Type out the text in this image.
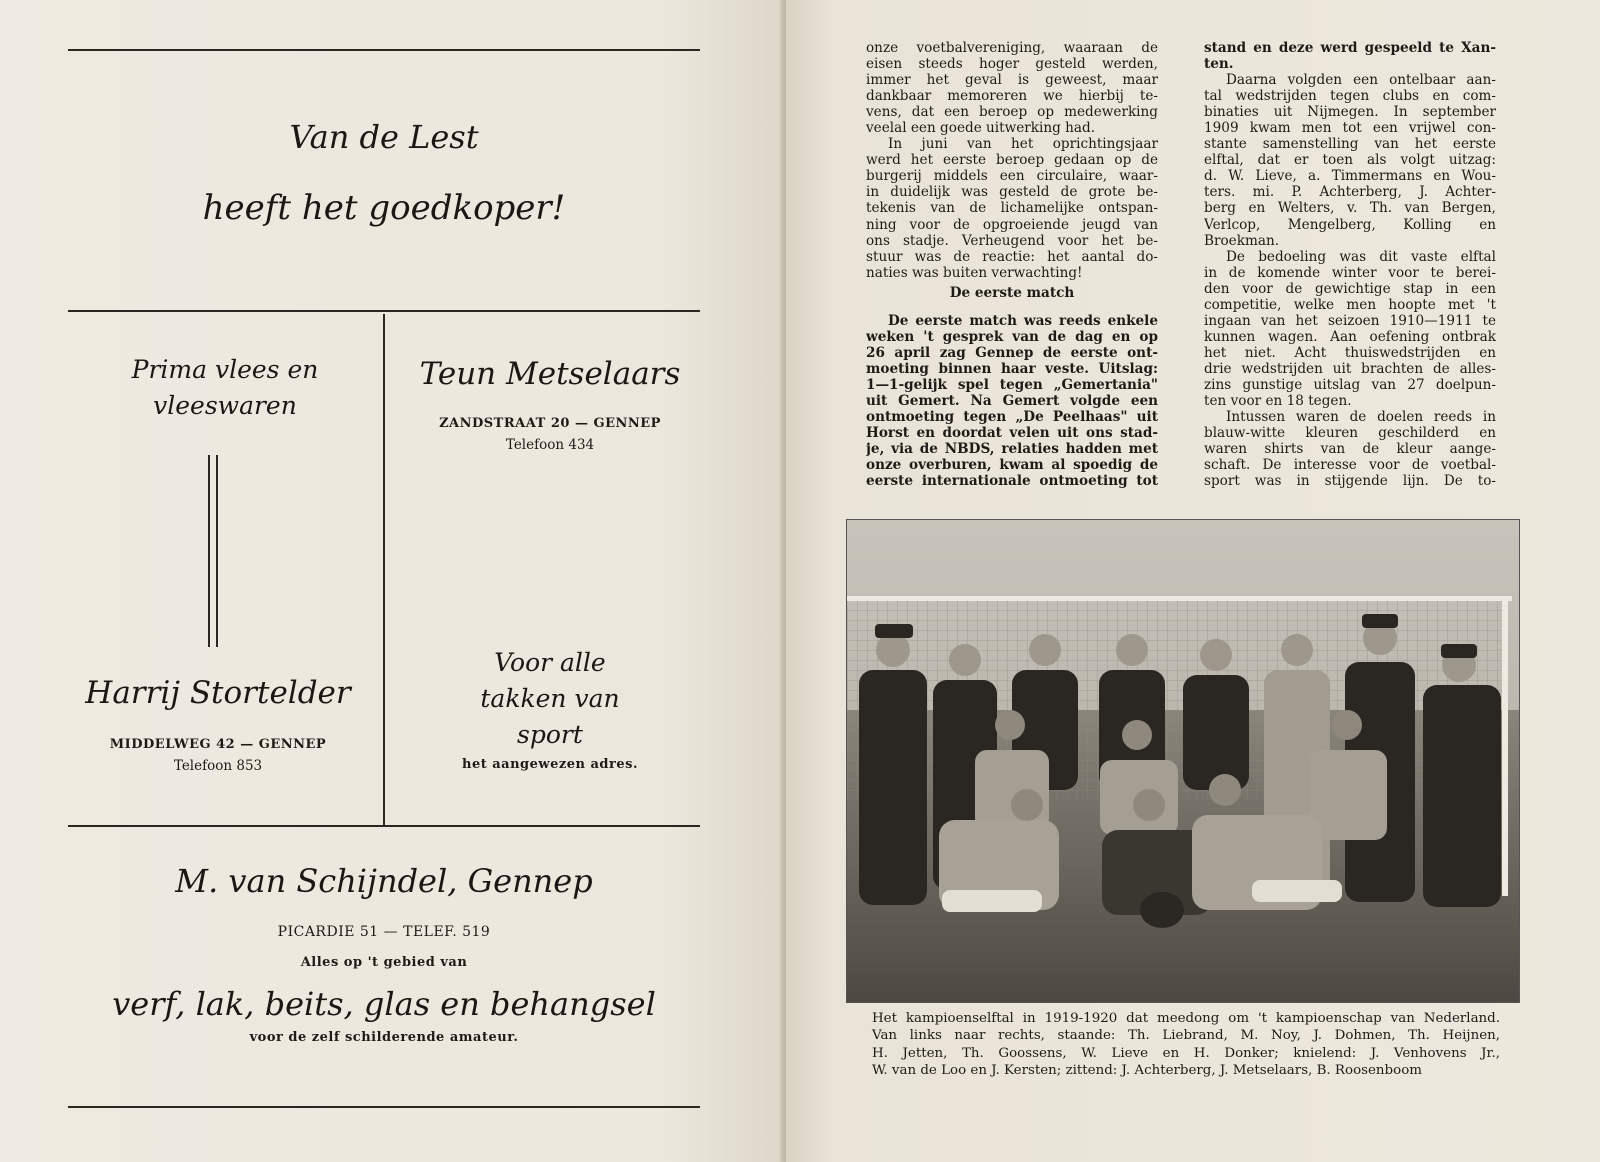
Van de Lest
heeft het goedkoper!
Prima vlees en
vleeswaren
Teun Metselaars
ZANDSTRAAT 20 — GENNEP
Telefoon 434
Harrij Stortelder
MIDDELWEG 42 — GENNEP
Telefoon 853
Voor alle
takken van
sport
het aangewezen adres.
M. van Schijndel, Gennep
PICARDIE 51 — TELEF. 519
Alles op 't gebied van
verf, lak, beits, glas en behangsel
voor de zelf schilderende amateur.

onze voetbalvereniging, waaraan de
eisen steeds hoger gesteld werden,
immer het geval is geweest, maar
dankbaar memoreren we hierbij te-
vens, dat een beroep op medewerking
veelal een goede uitwerking had.

In juni van het oprichtingsjaar
werd het eerste beroep gedaan op de
burgerij middels een circulaire, waar-
in duidelijk was gesteld de grote be-
tekenis van de lichamelijke ontspan-
ning voor de opgroeiende jeugd van
ons stadje. Verheugend voor het be-
stuur was de reactie: het aantal do-
naties was buiten verwachting!

De eerste match

De eerste match was reeds enkele
weken 't gesprek van de dag en op
26 april zag Gennep de eerste ont-
moeting binnen haar veste. Uitslag:
1—1-gelijk spel tegen „Gemertania"
uit Gemert. Na Gemert volgde een
ontmoeting tegen „De Peelhaas" uit
Horst en doordat velen uit ons stad-
je, via de NBDS, relaties hadden met
onze overburen, kwam al spoedig de
eerste internationale ontmoeting tot

stand en deze werd gespeeld te Xan-
ten.

Daarna volgden een ontelbaar aan-
tal wedstrijden tegen clubs en com-
binaties uit Nijmegen. In september
1909 kwam men tot een vrijwel con-
stante samenstelling van het eerste
elftal, dat er toen als volgt uitzag:
d. W. Lieve, a. Timmermans en Wou-
ters. mi. P. Achterberg, J. Achter-
berg en Welters, v. Th. van Bergen,
Verlcop, Mengelberg, Kolling en
Broekman.

De bedoeling was dit vaste elftal
in de komende winter voor te berei-
den voor de gewichtige stap in een
competitie, welke men hoopte met 't
ingaan van het seizoen 1910—1911 te
kunnen wagen. Aan oefening ontbrak
het niet. Acht thuiswedstrijden en
drie wedstrijden uit brachten de alles-
zins gunstige uitslag van 27 doelpun-
ten voor en 18 tegen.

Intussen waren de doelen reeds in
blauw-witte kleuren geschilderd en
waren shirts van de kleur aange-
schaft. De interesse voor de voetbal-
sport was in stijgende lijn. De to-

Het kampioenselftal in 1919-1920 dat meedong om 't kampioenschap van Nederland.
Van links naar rechts, staande: Th. Liebrand, M. Noy, J. Dohmen, Th. Heijnen,
H. Jetten, Th. Goossens, W. Lieve en H. Donker; knielend: J. Venhovens Jr.,
W. van de Loo en J. Kersten; zittend: J. Achterberg, J. Metselaars, B. Roosenboom
